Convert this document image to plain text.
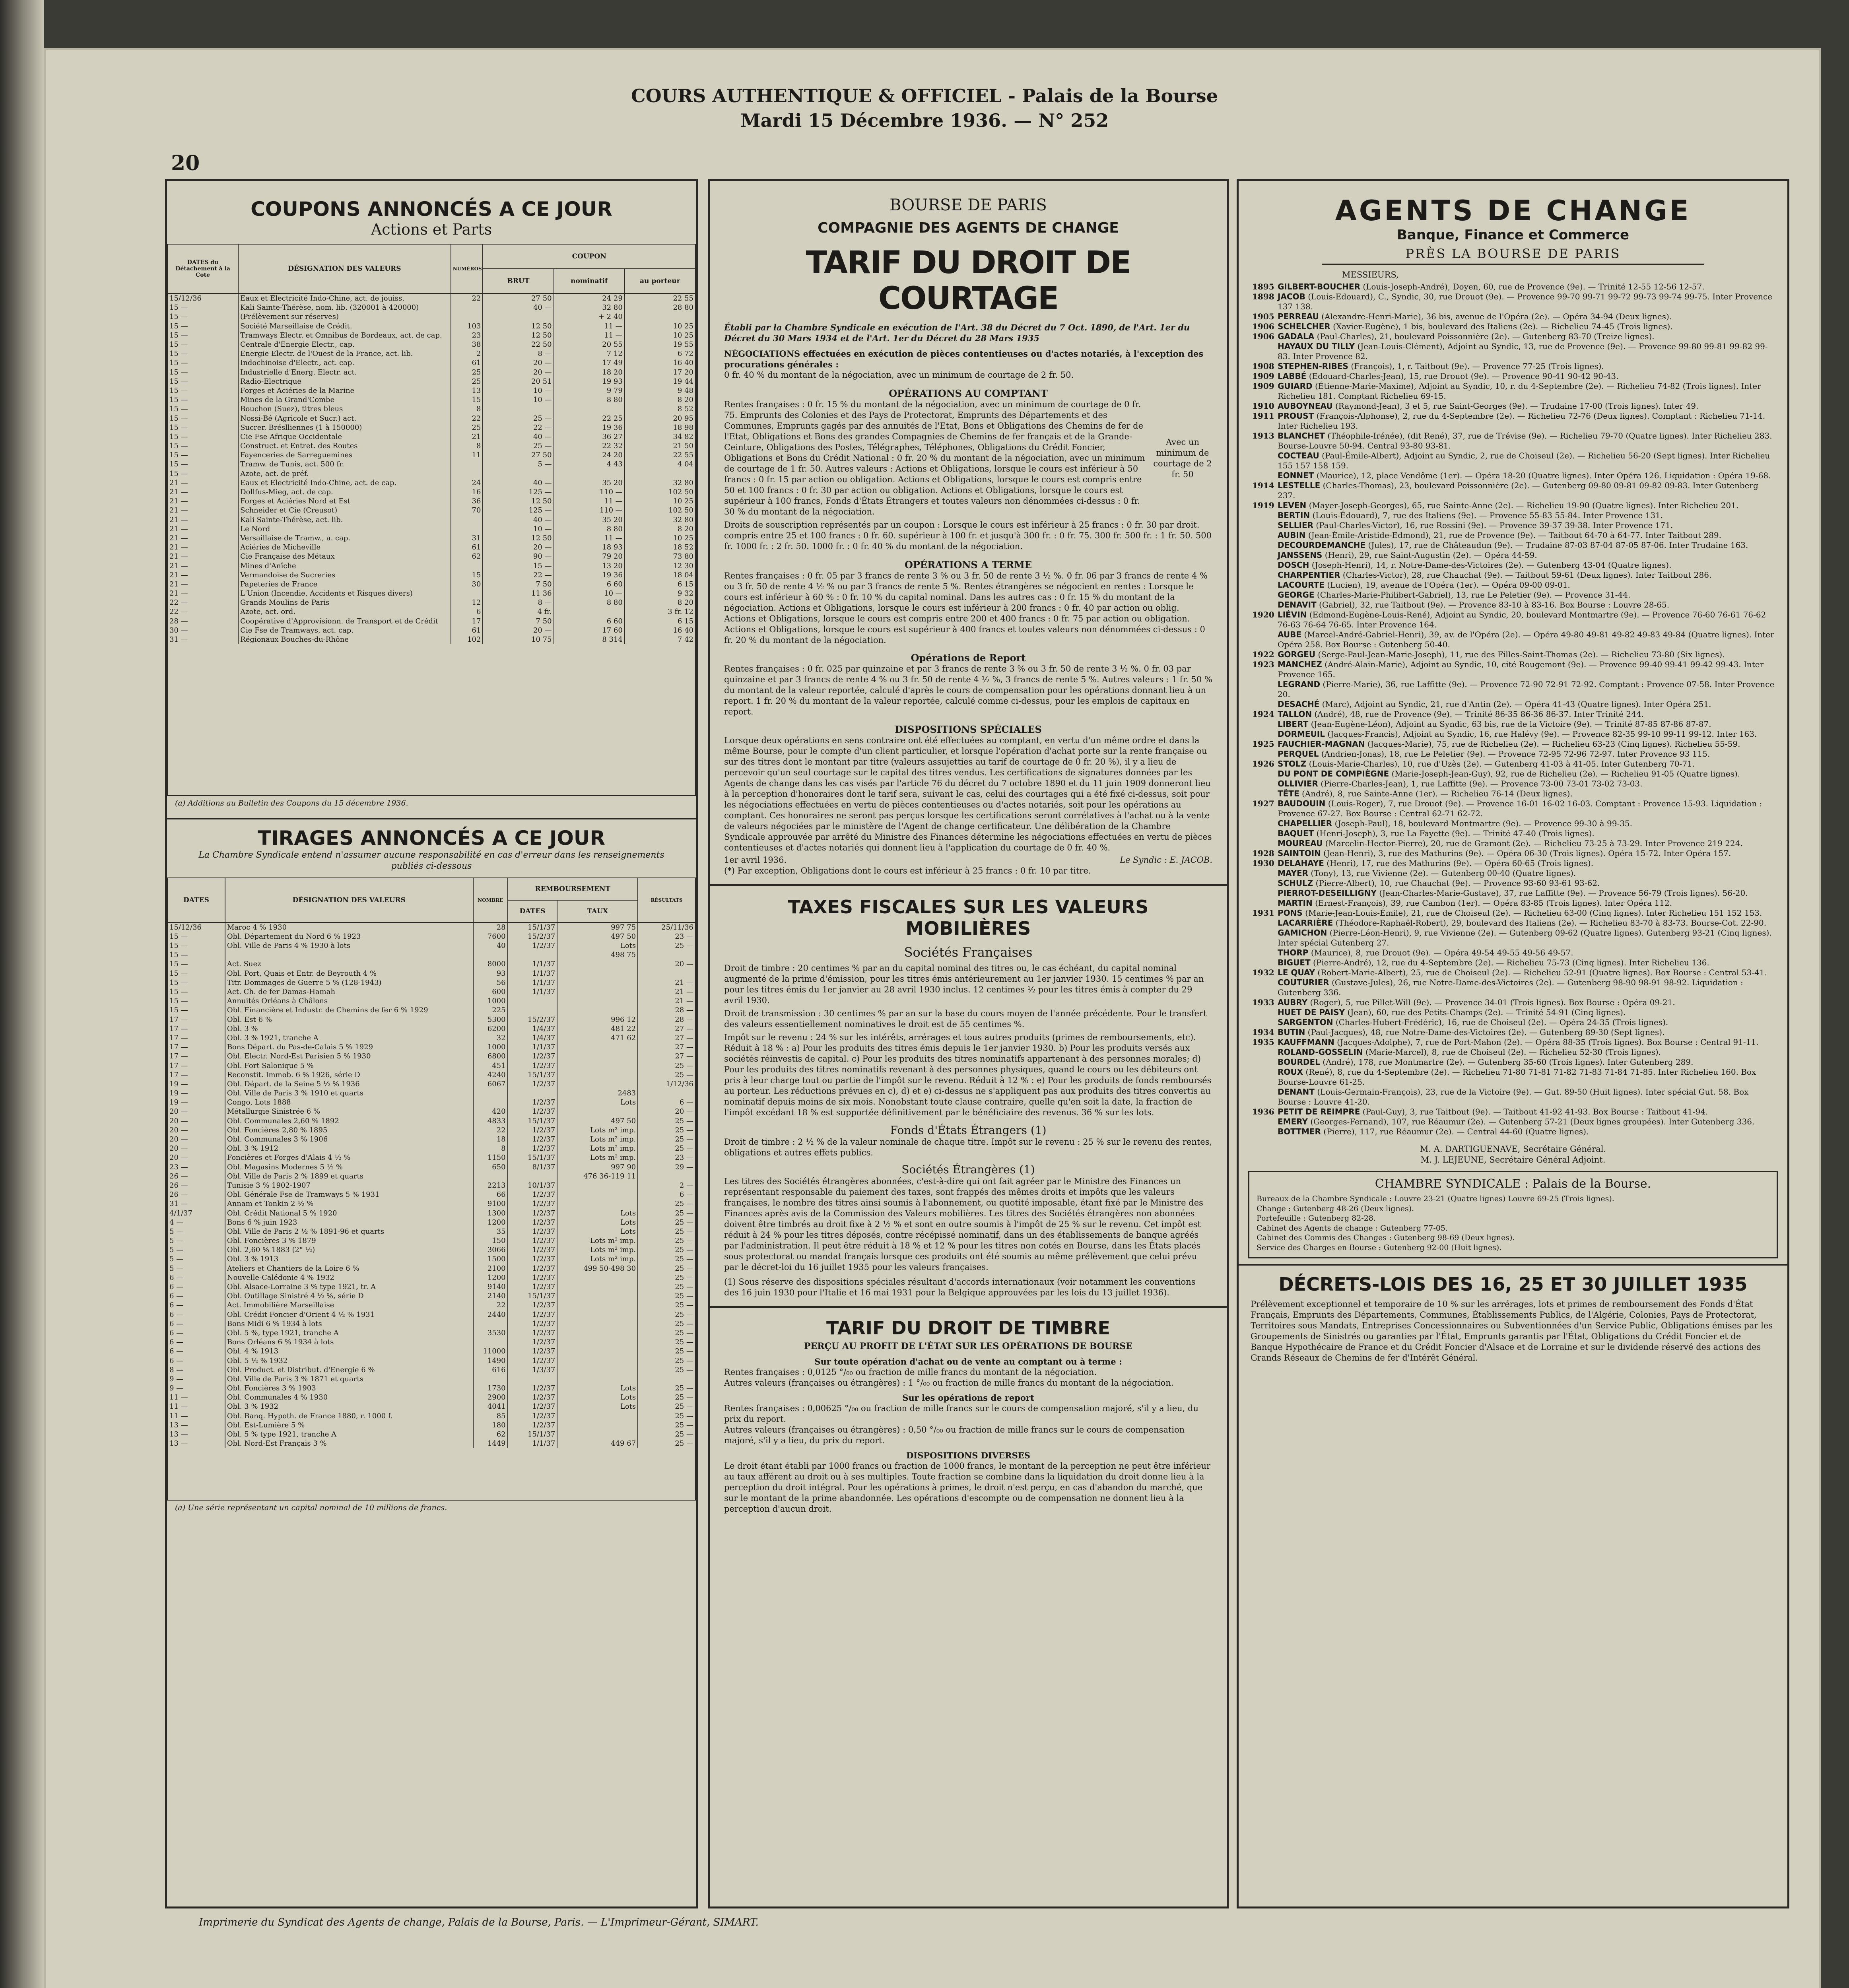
COURS AUTHENTIQUE & OFFICIEL - Palais de la Bourse
Mardi 15 Décembre 1936. — N° 252
20
COUPONS ANNONCÉS A CE JOUR
Actions et Parts
DATES du Détachement à la Cote	DÉSIGNATION DES VALEURS	NUMÉROS	COUPON		
			BRUT	nominatif	au porteur
15/12/36	Eaux et Electricité Indo-Chine, act. de jouiss.	22	27 50	24 29	22 55
15 —	Kali Sainte-Thérèse, nom. lib. (320001 à 420000)		40 —	32 80	28 80
15 —	(Prélèvement sur réserves)			+ 2 40	
15 —	Société Marseillaise de Crédit.	103	12 50	11 —	10 25
15 —	Tramways Electr. et Omnibus de Bordeaux, act. de cap.	23	12 50	11 —	10 25
15 —	Centrale d'Energie Electr., cap.	38	22 50	20 55	19 55
15 —	Energie Electr. de l'Ouest de la France, act. lib.	2	8 —	7 12	6 72
15 —	Indochinoise d'Electr., act. cap.	61	20 —	17 49	16 40
15 —	Industrielle d'Energ. Electr. act.	25	20 —	18 20	17 20
15 —	Radio-Electrique	25	20 51	19 93	19 44
15 —	Forges et Aciéries de la Marine	13	10 —	9 79	9 48
15 —	Mines de la Grand'Combe	15	10 —	8 80	8 20
15 —	Bouchon (Suez), titres bleus	8			8 52
15 —	Nossi-Bé (Agricole et Sucr.) act.	22	25 —	22 25	20 95
15 —	Sucrer. Bréslliennes (1 à 150000)	25	22 —	19 36	18 98
15 —	Cie Fse Afrique Occidentale	21	40 —	36 27	34 82
15 —	Construct. et Entret. des Routes	8	25 —	22 32	21 50
15 —	Fayenceries de Sarreguemines	11	27 50	24 20	22 55
15 —	Tramw. de Tunis, act. 500 fr.		5 —	4 43	4 04
15 —	Azote, act. de préf.				
21 —	Eaux et Electricité Indo-Chine, act. de cap.	24	40 —	35 20	32 80
21 —	Dollfus-Mieg, act. de cap.	16	125 —	110 —	102 50
21 —	Forges et Aciéries Nord et Est	36	12 50	11 —	10 25
21 —	Schneider et Cie (Creusot)	70	125 —	110 —	102 50
21 —	Kali Sainte-Thérèse, act. lib.		40 —	35 20	32 80
21 —	Le Nord		10 —	8 80	8 20
21 —	Versaillaise de Tramw., a. cap.	31	12 50	11 —	10 25
21 —	Aciéries de Micheville	61	20 —	18 93	18 52
21 —	Cie Française des Métaux	62	90 —	79 20	73 80
21 —	Mines d'Anîche		15 —	13 20	12 30
21 —	Vermandoise de Sucreries	15	22 —	19 36	18 04
21 —	Papeteries de France	30	7 50	6 60	6 15
21 —	L'Union (Incendie, Accidents et Risques divers)		11 36	10 —	9 32
22 —	Grands Moulins de Paris	12	8 —	8 80	8 20
22 —	Azote, act. ord.	6	4 fr.		3 fr. 12
28 —	Coopérative d'Approvisionn. de Transport et de Crédit	17	7 50	6 60	6 15
30 —	Cie Fse de Tramways, act. cap.	61	20 —	17 60	16 40
31 —	Régionaux Bouches-du-Rhône	102	10 75	8 314	7 42
(a) Additions au Bulletin des Coupons du 15 décembre 1936.
TIRAGES ANNONCÉS A CE JOUR
La Chambre Syndicale entend n'assumer aucune responsabilité en cas d'erreur dans les renseignements publiés ci-dessous
DATES	DÉSIGNATION DES VALEURS	NOMBRE	REMBOURSEMENT		RÉSULTATS
			DATES	TAUX	
15/12/36	Maroc 4 % 1930	28	15/1/37	997 75	25/11/36
15 —	Obl. Département du Nord 6 % 1923	7600	15/2/37	497 50	23 —
15 —	Obl. Ville de Paris 4 % 1930 à lots	40	1/2/37	Lots	25 —
15 —				498 75	
15 —	Act. Suez	8000	1/1/37		20 —
15 —	Obl. Port, Quais et Entr. de Beyrouth 4 %	93	1/1/37		
15 —	Titr. Dommages de Guerre 5 % (128-1943)	56	1/1/37		21 —
15 —	Act. Ch. de fer Damas-Hamah	600	1/1/37		21 —
15 —	Annuités Orléans à Châlons	1000			21 —
15 —	Obl. Financière et Industr. de Chemins de fer 6 % 1929	225			28 —
17 —	Obl. Est 6 %	5300	15/2/37	996 12	28 —
17 —	Obl. 3 %	6200	1/4/37	481 22	27 —
17 —	Obl. 3 % 1921, tranche A	32	1/4/37	471 62	27 —
17 —	Bons Départ. du Pas-de-Calais 5 % 1929	1000	1/1/37		27 —
17 —	Obl. Electr. Nord-Est Parisien 5 % 1930	6800	1/2/37		27 —
17 —	Obl. Fort Salonique 5 %	451	1/2/37		25 —
17 —	Reconstit. Immob. 6 % 1926, série D	4240	15/1/37		25 —
19 —	Obl. Départ. de la Seine 5 ½ % 1936	6067	1/2/37		1/12/36
19 —	Obl. Ville de Paris 3 % 1910 et quarts			2483	
19 —	Congo, Lots 1888		1/2/37	Lots	6 —
20 —	Métallurgie Sinistrée 6 %	420	1/2/37		20 —
20 —	Obl. Communales 2,60 % 1892	4833	15/1/37	497 50	25 —
20 —	Obl. Foncières 2,80 % 1895	22	1/2/37	Lots m² imp.	25 —
20 —	Obl. Communales 3 % 1906	18	1/2/37	Lots m² imp.	25 —
20 —	Obl. 3 % 1912	8	1/2/37	Lots m² imp.	25 —
20 —	Foncières et Forges d'Alais 4 ½ %	1150	15/1/37	Lots m² imp.	23 —
23 —	Obl. Magasins Modernes 5 ½ %	650	8/1/37	997 90	29 —
26 —	Obl. Ville de Paris 2 % 1899 et quarts			476 36-119 11	
26 —	Tunisie 3 % 1902-1907	2213	10/1/37		2 —
26 —	Obl. Générale Fse de Tramways 5 % 1931	66	1/2/37		6 —
31 —	Annam et Tonkin 2 ½ %	9100	1/2/37		25 —
4/1/37	Obl. Crédit National 5 % 1920	1300	1/2/37	Lots	25 —
4 —	Bons 6 % juin 1923	1200	1/2/37	Lots	25 —
5 —	Obl. Ville de Paris 2 ½ % 1891-96 et quarts	35	1/2/37	Lots	25 —
5 —	Obl. Foncières 3 % 1879	150	1/2/37	Lots m² imp.	25 —
5 —	Obl. 2,60 % 1883 (2° ½)	3066	1/2/37	Lots m² imp.	25 —
5 —	Obl. 3 % 1913	1500	1/2/37	Lots m² imp.	25 —
5 —	Ateliers et Chantiers de la Loire 6 %	2100	1/2/37	499 50-498 30	25 —
6 —	Nouvelle-Calédonie 4 % 1932	1200	1/2/37		25 —
6 —	Obl. Alsace-Lorraine 3 % type 1921, tr. A	9140	1/2/37		25 —
6 —	Obl. Outillage Sinistré 4 ½ %, série D	2140	15/1/37		25 —
6 —	Act. Immobilière Marseillaise	22	1/2/37		25 —
6 —	Obl. Crédit Foncier d'Orient 4 ½ % 1931	2440	1/2/37		25 —
6 —	Bons Midi 6 % 1934 à lots		1/2/37		25 —
6 —	Obl. 5 %, type 1921, tranche A	3530	1/2/37		25 —
6 —	Bons Orléans 6 % 1934 à lots		1/2/37		25 —
6 —	Obl. 4 % 1913	11000	1/2/37		25 —
6 —	Obl. 5 ½ % 1932	1490	1/2/37		25 —
8 —	Obl. Product. et Distribut. d'Energie 6 %	616	1/3/37		25 —
9 —	Obl. Ville de Paris 3 % 1871 et quarts				
9 —	Obl. Foncières 3 % 1903	1730	1/2/37	Lots	25 —
11 —	Obl. Communales 4 % 1930	2900	1/2/37	Lots	25 —
11 —	Obl. 3 % 1932	4041	1/2/37	Lots	25 —
11 —	Obl. Banq. Hypoth. de France 1880, r. 1000 f.	85	1/2/37		25 —
13 —	Obl. Est-Lumière 5 %	180	1/2/37		25 —
13 —	Obl. 5 % type 1921, tranche A	62	15/1/37		25 —
13 —	Obl. Nord-Est Français 3 %	1449	1/1/37	449 67	25 —
(a) Une série représentant un capital nominal de 10 millions de francs.
BOURSE DE PARIS
COMPAGNIE DES AGENTS DE CHANGE
TARIF DU DROIT DE COURTAGE
Établi par la Chambre Syndicale en exécution de l'Art. 38 du Décret du 7 Oct. 1890, de l'Art. 1er du Décret du 30 Mars 1934 et de l'Art. 1er du Décret du 28 Mars 1935
NÉGOCIATIONS effectuées en exécution de pièces contentieuses ou d'actes notariés, à l'exception des procurations générales :
0 fr. 40 % du montant de la négociation, avec un minimum de courtage de 2 fr. 50.
OPÉRATIONS AU COMPTANT
Rentes françaises : 0 fr. 15 % du montant de la négociation, avec un minimum de courtage de 0 fr. 75. Emprunts des Colonies et des Pays de Protectorat, Emprunts des Départements et des Communes, Emprunts gagés par des annuités de l'Etat, Bons et Obligations des Chemins de fer de l'Etat, Obligations et Bons des grandes Compagnies de Chemins de fer français et de la Grande-Ceinture, Obligations des Postes, Télégraphes, Téléphones, Obligations du Crédit Foncier, Obligations et Bons du Crédit National : 0 fr. 20 % du montant de la négociation, avec un minimum de courtage de 1 fr. 50. Autres valeurs : Actions et Obligations, lorsque le cours est inférieur à 50 francs : 0 fr. 15 par action ou obligation. Actions et Obligations, lorsque le cours est compris entre 50 et 100 francs : 0 fr. 30 par action ou obligation. Actions et Obligations, lorsque le cours est supérieur à 100 francs, Fonds d'États Étrangers et toutes valeurs non dénommées ci-dessus : 0 fr. 30 % du montant de la négociation.
Avec un minimum de courtage de 2 fr. 50
Droits de souscription représentés par un coupon : Lorsque le cours est inférieur à 25 francs : 0 fr. 30 par droit. compris entre 25 et 100 francs : 0 fr. 60. supérieur à 100 fr. et jusqu'à 300 fr. : 0 fr. 75. 300 fr. 500 fr. : 1 fr. 50. 500 fr. 1000 fr. : 2 fr. 50. 1000 fr. : 0 fr. 40 % du montant de la négociation.
OPÉRATIONS A TERME
Rentes françaises : 0 fr. 05 par 3 francs de rente 3 % ou 3 fr. 50 de rente 3 ½ %. 0 fr. 06 par 3 francs de rente 4 % ou 3 fr. 50 de rente 4 ½ % ou par 3 francs de rente 5 %. Rentes étrangères se négocient en rentes : Lorsque le cours est inférieur à 60 % : 0 fr. 10 % du capital nominal. Dans les autres cas : 0 fr. 15 % du montant de la négociation. Actions et Obligations, lorsque le cours est inférieur à 200 francs : 0 fr. 40 par action ou oblig. Actions et Obligations, lorsque le cours est compris entre 200 et 400 francs : 0 fr. 75 par action ou obligation. Actions et Obligations, lorsque le cours est supérieur à 400 francs et toutes valeurs non dénommées ci-dessus : 0 fr. 20 % du montant de la négociation.
Opérations de Report
Rentes françaises : 0 fr. 025 par quinzaine et par 3 francs de rente 3 % ou 3 fr. 50 de rente 3 ½ %. 0 fr. 03 par quinzaine et par 3 francs de rente 4 % ou 3 fr. 50 de rente 4 ½ %, 3 francs de rente 5 %. Autres valeurs : 1 fr. 50 % du montant de la valeur reportée, calculé d'après le cours de compensation pour les opérations donnant lieu à un report. 1 fr. 20 % du montant de la valeur reportée, calculé comme ci-dessus, pour les emplois de capitaux en report.
DISPOSITIONS SPÉCIALES
Lorsque deux opérations en sens contraire ont été effectuées au comptant, en vertu d'un même ordre et dans la même Bourse, pour le compte d'un client particulier, et lorsque l'opération d'achat porte sur la rente française ou sur des titres dont le montant par titre (valeurs assujetties au tarif de courtage de 0 fr. 20 %), il y a lieu de percevoir qu'un seul courtage sur le capital des titres vendus. Les certifications de signatures données par les Agents de change dans les cas visés par l'article 76 du décret du 7 octobre 1890 et du 11 juin 1909 donneront lieu à la perception d'honoraires dont le tarif sera, suivant le cas, celui des courtages qui a été fixé ci-dessus, soit pour les négociations effectuées en vertu de pièces contentieuses ou d'actes notariés, soit pour les opérations au comptant. Ces honoraires ne seront pas perçus lorsque les certifications seront corrélatives à l'achat ou à la vente de valeurs négociées par le ministère de l'Agent de change certificateur. Une délibération de la Chambre Syndicale approuvée par arrêté du Ministre des Finances détermine les négociations effectuées en vertu de pièces contentieuses et d'actes notariés qui donnent lieu à l'application du courtage de 0 fr. 40 %.
1er avril 1936.	Le Syndic : E. JACOB.
(*) Par exception, Obligations dont le cours est inférieur à 25 francs : 0 fr. 10 par titre.
TAXES FISCALES SUR LES VALEURS MOBILIÈRES
Sociétés Françaises
Droit de timbre : 20 centimes % par an du capital nominal des titres ou, le cas échéant, du capital nominal augmenté de la prime d'émission, pour les titres émis antérieurement au 1er janvier 1930. 15 centimes % par an pour les titres émis du 1er janvier au 28 avril 1930 inclus. 12 centimes ½ pour les titres émis à compter du 29 avril 1930.
Droit de transmission : 30 centimes % par an sur la base du cours moyen de l'année précédente. Pour le transfert des valeurs essentiellement nominatives le droit est de 55 centimes %.
Impôt sur le revenu : 24 % sur les intérêts, arrérages et tous autres produits (primes de remboursements, etc). Réduit à 18 % : a) Pour les produits des titres émis depuis le 1er janvier 1930. b) Pour les produits versés aux sociétés réinvestis de capital. c) Pour les produits des titres nominatifs appartenant à des personnes morales; d) Pour les produits des titres nominatifs revenant à des personnes physiques, quand le cours ou les débiteurs ont pris à leur charge tout ou partie de l'impôt sur le revenu. Réduit à 12 % : e) Pour les produits de fonds remboursés au porteur. Les réductions prévues en c), d) et e) ci-dessus ne s'appliquent pas aux produits des titres convertis au nominatif depuis moins de six mois. Nonobstant toute clause contraire, quelle qu'en soit la date, la fraction de l'impôt excédant 18 % est supportée définitivement par le bénéficiaire des revenus. 36 % sur les lots.
Fonds d'États Étrangers (1)
Droit de timbre : 2 ½ % de la valeur nominale de chaque titre. Impôt sur le revenu : 25 % sur le revenu des rentes, obligations et autres effets publics.
Sociétés Étrangères (1)
Les titres des Sociétés étrangères abonnées, c'est-à-dire qui ont fait agréer par le Ministre des Finances un représentant responsable du paiement des taxes, sont frappés des mêmes droits et impôts que les valeurs françaises, le nombre des titres ainsi soumis à l'abonnement, ou quotité imposable, étant fixé par le Ministre des Finances après avis de la Commission des Valeurs mobilières. Les titres des Sociétés étrangères non abonnées doivent être timbrés au droit fixe à 2 ½ % et sont en outre soumis à l'impôt de 25 % sur le revenu. Cet impôt est réduit à 24 % pour les titres déposés, contre récépissé nominatif, dans un des établissements de banque agréés par l'administration. Il peut être réduit à 18 % et 12 % pour les titres non cotés en Bourse, dans les États placés sous protectorat ou mandat français lorsque ces produits ont été soumis au même prélèvement que celui prévu par le décret-loi du 16 juillet 1935 pour les valeurs françaises.
(1) Sous réserve des dispositions spéciales résultant d'accords internationaux (voir notamment les conventions des 16 juin 1930 pour l'Italie et 16 mai 1931 pour la Belgique approuvées par les lois du 13 juillet 1936).
TARIF DU DROIT DE TIMBRE
PERÇU AU PROFIT DE L'ÉTAT SUR LES OPÉRATIONS DE BOURSE
Sur toute opération d'achat ou de vente au comptant ou à terme :
Rentes françaises : 0,0125 °/₀₀ ou fraction de mille francs du montant de la négociation.
Autres valeurs (françaises ou étrangères) : 1 °/₀₀ ou fraction de mille francs du montant de la négociation.
Sur les opérations de report
Rentes françaises : 0,00625 °/₀₀ ou fraction de mille francs sur le cours de compensation majoré, s'il y a lieu, du prix du report.
Autres valeurs (françaises ou étrangères) : 0,50 °/₀₀ ou fraction de mille francs sur le cours de compensation majoré, s'il y a lieu, du prix du report.
DISPOSITIONS DIVERSES
Le droit étant établi par 1000 francs ou fraction de 1000 francs, le montant de la perception ne peut être inférieur au taux afférent au droit ou à ses multiples. Toute fraction se combine dans la liquidation du droit donne lieu à la perception du droit intégral. Pour les opérations à primes, le droit n'est perçu, en cas d'abandon du marché, que sur le montant de la prime abandonnée. Les opérations d'escompte ou de compensation ne donnent lieu à la perception d'aucun droit.
AGENTS DE CHANGE
Banque, Finance et Commerce
PRÈS LA BOURSE DE PARIS
MESSIEURS,
1895 GILBERT-BOUCHER (Louis-Joseph-André), Doyen, 60, rue de Provence (9e). — Trinité 12-55 12-56 12-57.
1898 JACOB (Louis-Edouard), C., Syndic, 30, rue Drouot (9e). — Provence 99-70 99-71 99-72 99-73 99-74 99-75. Inter Provence 137 138.
1905 PERREAU (Alexandre-Henri-Marie), 36 bis, avenue de l'Opéra (2e). — Opéra 34-94 (Deux lignes).
1906 SCHELCHER (Xavier-Eugène), 1 bis, boulevard des Italiens (2e). — Richelieu 74-45 (Trois lignes).
1906 GADALA (Paul-Charles), 21, boulevard Poissonnière (2e). — Gutenberg 83-70 (Treize lignes).
HAYAUX DU TILLY (Jean-Louis-Clément), Adjoint au Syndic, 13, rue de Provence (9e). — Provence 99-80 99-81 99-82 99-83. Inter Provence 82.
1908 STEPHEN-RIBES (François), 1, r. Taitbout (9e). — Provence 77-25 (Trois lignes).
1909 LABBÉ (Edouard-Charles-Jean), 15, rue Drouot (9e). — Provence 90-41 90-42 90-43.
1909 GUIARD (Étienne-Marie-Maxime), Adjoint au Syndic, 10, r. du 4-Septembre (2e). — Richelieu 74-82 (Trois lignes). Inter Richelieu 181. Comptant Richelieu 69-15.
1910 AUBOYNEAU (Raymond-Jean), 3 et 5, rue Saint-Georges (9e). — Trudaine 17-00 (Trois lignes). Inter 49.
1911 PROUST (François-Alphonse), 2, rue du 4-Septembre (2e). — Richelieu 72-76 (Deux lignes). Comptant : Richelieu 71-14. Inter Richelieu 193.
1913 BLANCHET (Théophile-Irénée), (dit René), 37, rue de Trévise (9e). — Richelieu 79-70 (Quatre lignes). Inter Richelieu 283. Bourse-Louvre 50-94. Central 93-80 93-81.
COCTEAU (Paul-Émile-Albert), Adjoint au Syndic, 2, rue de Choiseul (2e). — Richelieu 56-20 (Sept lignes). Inter Richelieu 155 157 158 159.
EONNET (Maurice), 12, place Vendôme (1er). — Opéra 18-20 (Quatre lignes). Inter Opéra 126. Liquidation : Opéra 19-68.
1914 LESTELLE (Charles-Thomas), 23, boulevard Poissonnière (2e). — Gutenberg 09-80 09-81 09-82 09-83. Inter Gutenberg 237.
1919 LEVEN (Mayer-Joseph-Georges), 65, rue Sainte-Anne (2e). — Richelieu 19-90 (Quatre lignes). Inter Richelieu 201.
BERTIN (Louis-Édouard), 7, rue des Italiens (9e). — Provence 55-83 55-84. Inter Provence 131.
SELLIER (Paul-Charles-Victor), 16, rue Rossini (9e). — Provence 39-37 39-38. Inter Provence 171.
AUBIN (Jean-Émile-Aristide-Edmond), 21, rue de Provence (9e). — Taitbout 64-70 à 64-77. Inter Taitbout 289.
DECOURDEMANCHE (Jules), 17, rue de Châteaudun (9e). — Trudaine 87-03 87-04 87-05 87-06. Inter Trudaine 163.
JANSSENS (Henri), 29, rue Saint-Augustin (2e). — Opéra 44-59.
DOSCH (Joseph-Henri), 14, r. Notre-Dame-des-Victoires (2e). — Gutenberg 43-04 (Quatre lignes).
CHARPENTIER (Charles-Victor), 28, rue Chauchat (9e). — Taitbout 59-61 (Deux lignes). Inter Taitbout 286.
LACOURTE (Lucien), 19, avenue de l'Opéra (1er). — Opéra 09-00 09-01.
GEORGE (Charles-Marie-Philibert-Gabriel), 13, rue Le Peletier (9e). — Provence 31-44.
DENAVIT (Gabriel), 32, rue Taitbout (9e). — Provence 83-10 à 83-16. Box Bourse : Louvre 28-65.
1920 LIÉVIN (Edmond-Eugène-Louis-René), Adjoint au Syndic, 20, boulevard Montmartre (9e). — Provence 76-60 76-61 76-62 76-63 76-64 76-65. Inter Provence 164.
AUBE (Marcel-André-Gabriel-Henri), 39, av. de l'Opéra (2e). — Opéra 49-80 49-81 49-82 49-83 49-84 (Quatre lignes). Inter Opéra 258. Box Bourse : Gutenberg 50-40.
1922 GORGEU (Serge-Paul-Jean-Marie-Joseph), 11, rue des Filles-Saint-Thomas (2e). — Richelieu 73-80 (Six lignes).
1923 MANCHEZ (André-Alain-Marie), Adjoint au Syndic, 10, cité Rougemont (9e). — Provence 99-40 99-41 99-42 99-43. Inter Provence 165.
LEGRAND (Pierre-Marie), 36, rue Laffitte (9e). — Provence 72-90 72-91 72-92. Comptant : Provence 07-58. Inter Provence 20.
DESACHÉ (Marc), Adjoint au Syndic, 21, rue d'Antin (2e). — Opéra 41-43 (Quatre lignes). Inter Opéra 251.
1924 TALLON (André), 48, rue de Provence (9e). — Trinité 86-35 86-36 86-37. Inter Trinité 244.
LIBERT (Jean-Eugène-Léon), Adjoint au Syndic, 63 bis, rue de la Victoire (9e). — Trinité 87-85 87-86 87-87.
DORMEUIL (Jacques-Francis), Adjoint au Syndic, 16, rue Halévy (9e). — Provence 82-35 99-10 99-11 99-12. Inter 163.
1925 FAUCHIER-MAGNAN (Jacques-Marie), 75, rue de Richelieu (2e). — Richelieu 63-23 (Cinq lignes). Richelieu 55-59.
PERQUEL (Andrien-Jonas), 18, rue Le Peletier (9e). — Provence 72-95 72-96 72-97. Inter Provence 93 115.
1926 STOLZ (Louis-Marie-Charles), 10, rue d'Uzès (2e). — Gutenberg 41-03 à 41-05. Inter Gutenberg 70-71.
DU PONT DE COMPIÈGNE (Marie-Joseph-Jean-Guy), 92, rue de Richelieu (2e). — Richelieu 91-05 (Quatre lignes).
OLLIVIER (Pierre-Charles-Jean), 1, rue Laffitte (9e). — Provence 73-00 73-01 73-02 73-03.
TÊTE (André), 8, rue Sainte-Anne (1er). — Richelieu 76-14 (Deux lignes).
1927 BAUDOUIN (Louis-Roger), 7, rue Drouot (9e). — Provence 16-01 16-02 16-03. Comptant : Provence 15-93. Liquidation : Provence 67-27. Box Bourse : Central 62-71 62-72.
CHAPELLIER (Joseph-Paul), 18, boulevard Montmartre (9e). — Provence 99-30 à 99-35.
BAQUET (Henri-Joseph), 3, rue La Fayette (9e). — Trinité 47-40 (Trois lignes).
MOUREAU (Marcelin-Hector-Pierre), 20, rue de Gramont (2e). — Richelieu 73-25 à 73-29. Inter Provence 219 224.
1928 SAINTOIN (Jean-Henri), 3, rue des Mathurins (9e). — Opéra 06-30 (Trois lignes). Opéra 15-72. Inter Opéra 157.
1930 DELAHAYE (Henri), 17, rue des Mathurins (9e). — Opéra 60-65 (Trois lignes).
MAYER (Tony), 13, rue Vivienne (2e). — Gutenberg 00-40 (Quatre lignes).
SCHULZ (Pierre-Albert), 10, rue Chauchat (9e). — Provence 93-60 93-61 93-62.
PIERROT-DESEILLIGNY (Jean-Charles-Marie-Gustave), 37, rue Laffitte (9e). — Provence 56-79 (Trois lignes). 56-20.
MARTIN (Ernest-François), 39, rue Cambon (1er). — Opéra 83-85 (Trois lignes). Inter Opéra 112.
1931 PONS (Marie-Jean-Louis-Émile), 21, rue de Choiseul (2e). — Richelieu 63-00 (Cinq lignes). Inter Richelieu 151 152 153.
LACARRIÈRE (Théodore-Raphaël-Robert), 29, boulevard des Italiens (2e). — Richelieu 83-70 à 83-73. Bourse-Cot. 22-90.
GAMICHON (Pierre-Léon-Henri), 9, rue Vivienne (2e). — Gutenberg 09-62 (Quatre lignes). Gutenberg 93-21 (Cinq lignes). Inter spécial Gutenberg 27.
THORP (Maurice), 8, rue Drouot (9e). — Opéra 49-54 49-55 49-56 49-57.
BIGUET (Pierre-André), 12, rue du 4-Septembre (2e). — Richelieu 75-73 (Cinq lignes). Inter Richelieu 136.
1932 LE QUAY (Robert-Marie-Albert), 25, rue de Choiseul (2e). — Richelieu 52-91 (Quatre lignes). Box Bourse : Central 53-41.
COUTURIER (Gustave-Jules), 26, rue Notre-Dame-des-Victoires (2e). — Gutenberg 98-90 98-91 98-92. Liquidation : Gutenberg 336.
1933 AUBRY (Roger), 5, rue Pillet-Will (9e). — Provence 34-01 (Trois lignes). Box Bourse : Opéra 09-21.
HUET DE PAISY (Jean), 60, rue des Petits-Champs (2e). — Trinité 54-91 (Cinq lignes).
SARGENTON (Charles-Hubert-Frédéric), 16, rue de Choiseul (2e). — Opéra 24-35 (Trois lignes).
1934 BUTIN (Paul-Jacques), 48, rue Notre-Dame-des-Victoires (2e). — Gutenberg 89-30 (Sept lignes).
1935 KAUFFMANN (Jacques-Adolphe), 7, rue de Port-Mahon (2e). — Opéra 88-35 (Trois lignes). Box Bourse : Central 91-11.
ROLAND-GOSSELIN (Marie-Marcel), 8, rue de Choiseul (2e). — Richelieu 52-30 (Trois lignes).
BOURDEL (André), 178, rue Montmartre (2e). — Gutenberg 35-60 (Trois lignes). Inter Gutenberg 289.
ROUX (René), 8, rue du 4-Septembre (2e). — Richelieu 71-80 71-81 71-82 71-83 71-84 71-85. Inter Richelieu 160. Box Bourse-Louvre 61-25.
DENANT (Louis-Germain-François), 23, rue de la Victoire (9e). — Gut. 89-50 (Huit lignes). Inter spécial Gut. 58. Box Bourse : Louvre 41-20.
1936 PETIT DE REIMPRE (Paul-Guy), 3, rue Taitbout (9e). — Taitbout 41-92 41-93. Box Bourse : Taitbout 41-94.
EMERY (Georges-Fernand), 107, rue Réaumur (2e). — Gutenberg 57-21 (Deux lignes groupées). Inter Gutenberg 336.
BOTTMER (Pierre), 117, rue Réaumur (2e). — Central 44-60 (Quatre lignes).
M. A. DARTIGUENAVE, Secrétaire Général.
M. J. LEJEUNE, Secrétaire Général Adjoint.
CHAMBRE SYNDICALE : Palais de la Bourse.
Bureaux de la Chambre Syndicale : Louvre 23-21 (Quatre lignes) Louvre 69-25 (Trois lignes).
Change : Gutenberg 48-26 (Deux lignes).
Portefeuille : Gutenberg 82-28.
Cabinet des Agents de change : Gutenberg 77-05.
Cabinet des Commis des Changes : Gutenberg 98-69 (Deux lignes).
Service des Charges en Bourse : Gutenberg 92-00 (Huit lignes).
DÉCRETS-LOIS DES 16, 25 ET 30 JUILLET 1935
Prélèvement exceptionnel et temporaire de 10 % sur les arrérages, lots et primes de remboursement des Fonds d'État Français, Emprunts des Départements, Communes, Établissements Publics, de l'Algérie, Colonies, Pays de Protectorat, Territoires sous Mandats, Entreprises Concessionnaires ou Subventionnées d'un Service Public, Obligations émises par les Groupements de Sinistrés ou garanties par l'État, Emprunts garantis par l'État, Obligations du Crédit Foncier et de Banque Hypothécaire de France et du Crédit Foncier d'Alsace et de Lorraine et sur le dividende réservé des actions des Grands Réseaux de Chemins de fer d'Intérêt Général.
Imprimerie du Syndicat des Agents de change, Palais de la Bourse, Paris. — L'Imprimeur-Gérant, SIMART.
